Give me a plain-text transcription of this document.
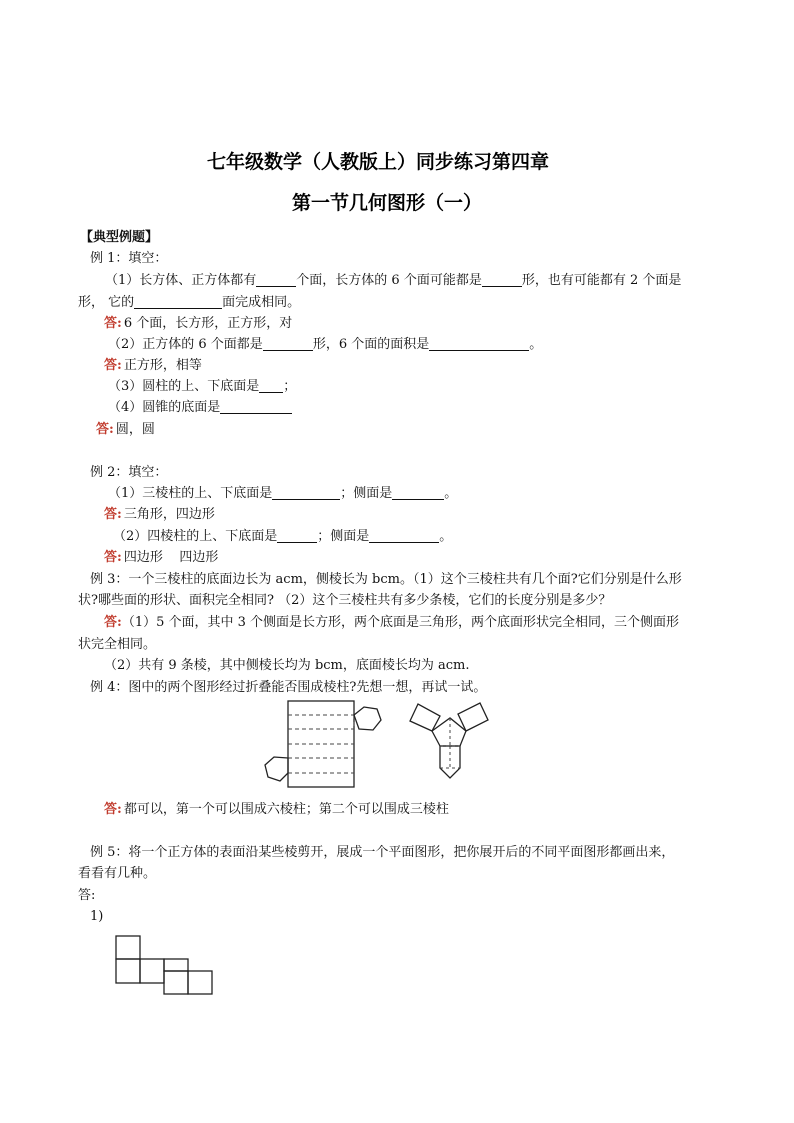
七年级数学（人教版上）同步练习第四章
第一节几何图形（一）
【典型例题】
例 1：填空：
（1）长方体、正方体都有	个面，长方体的 6 个面可能都是	形，也有可能都有 2 个面是
形， 它的	面完成相同。
答: 6 个面，长方形，正方形，对
（2）正方体的 6 个面都是	形，6 个面的面积是	。
答: 正方形，相等
（3）圆柱的上、下底面是 ；
（4）圆锥的底面是
答: 圆，圆
例 2：填空：
（1）三棱柱的上、下底面是	；侧面是	。
答: 三角形，四边形
（2）四棱柱的上、下底面是	；侧面是	。
答: 四边形    四边形
例 3：一个三棱柱的底面边长为 acm，侧棱长为 bcm。（1）这个三棱柱共有几个面?它们分别是什么形
状?哪些面的形状、面积完全相同? （2）这个三棱柱共有多少条棱，它们的长度分别是多少？
答:（1）5 个面，其中 3 个侧面是长方形，两个底面是三角形，两个底面形状完全相同，三个侧面形
状完全相同。
（2）共有 9 条棱，其中侧棱长均为 bcm，底面棱长均为 acm.
例 4：图中的两个图形经过折叠能否围成棱柱?先想一想，再试一试。
答: 都可以，第一个可以围成六棱柱；第二个可以围成三棱柱
例 5：将一个正方体的表面沿某些棱剪开，展成一个平面图形，把你展开后的不同平面图形都画出来，
看看有几种。
答:
1)
